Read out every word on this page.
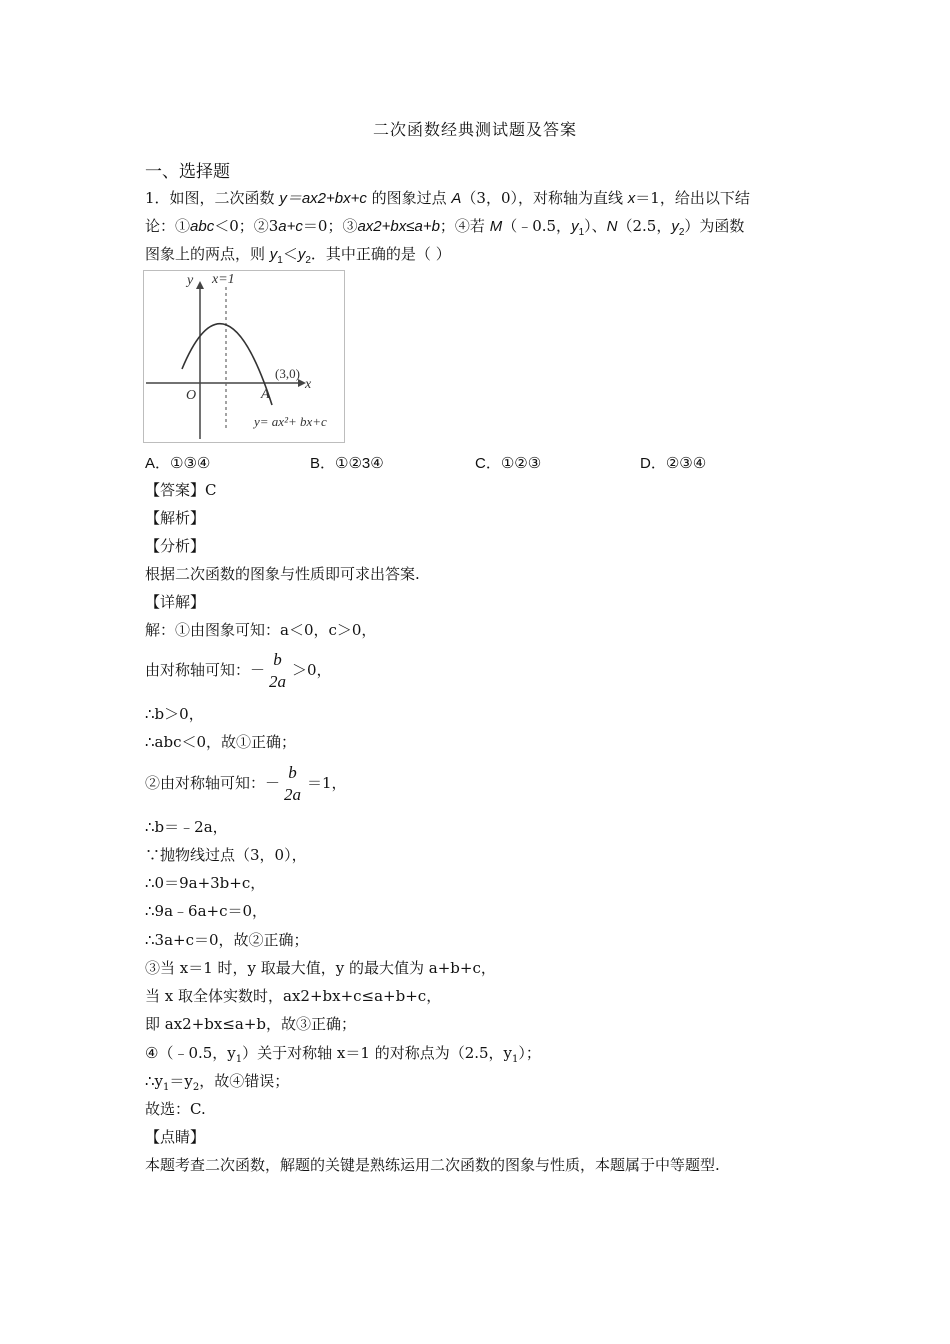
二次函数经典测试题及答案
一、选择题
1．如图，二次函数 y＝ax2+bx+c 的图象过点 A（3，0），对称轴为直线 x＝1，给出以下结
论：①abc＜0；②3a+c＝0；③ax2+bx≤a+b；④若 M（﹣0.5，$y_1$）、N（2.5，$y_2$）为函数
图象上的两点，则 $y_1<y_2$．其中正确的是（ ）
y x=1
x
O
(3,0)
A
y= ax²+ bx+c
A．①③④	B．①②3④	C．①②③	D．②③④
【答案】C
【解析】
【分析】
根据二次函数的图象与性质即可求出答案.
【详解】
解：①由图象可知：a＜0，c＞0，
由对称轴可知：－
b
2a
＞0，
∴b＞0，
∴abc＜0，故①正确；
②由对称轴可知：－
b
2a
＝1，
∴b＝﹣2a，
∵抛物线过点（3，0），
∴0＝9a+3b+c，
∴9a﹣6a+c＝0，
∴3a+c＝0，故②正确；
③当 x＝1 时，y 取最大值，y 的最大值为 a+b+c，
当 x 取全体实数时，ax2+bx+c≤a+b+c，
即 ax2+bx≤a+b，故③正确；
④（﹣0.5，$y_1$）关于对称轴 x＝1 的对称点为（2.5，$y_1$）；
$\therefore y_1=y_2$，故④错误；
故选：C.
【点睛】
本题考查二次函数，解题的关键是熟练运用二次函数的图象与性质，本题属于中等题型.
